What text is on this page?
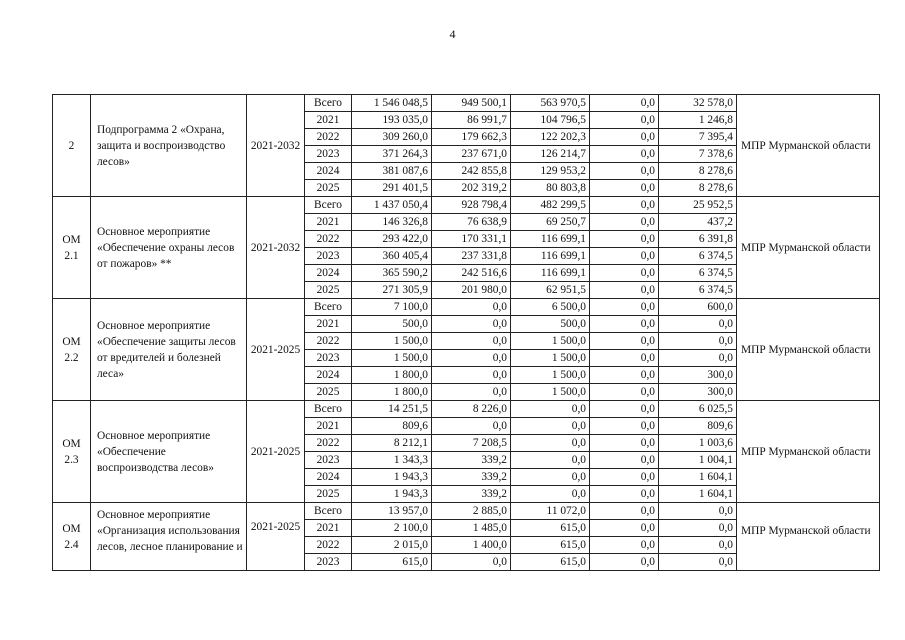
4
2	Подпрограмма 2 «Охрана, защита и воспроизводство лесов»	2021-2032	Всего	1 546 048,5	949 500,1	563 970,5	0,0	32 578,0	МПР Мурманской области
			2021	193 035,0	86 991,7	104 796,5	0,0	1 246,8	
			2022	309 260,0	179 662,3	122 202,3	0,0	7 395,4	
			2023	371 264,3	237 671,0	126 214,7	0,0	7 378,6	
			2024	381 087,6	242 855,8	129 953,2	0,0	8 278,6	
			2025	291 401,5	202 319,2	80 803,8	0,0	8 278,6	
ОМ 2.1	Основное мероприятие «Обеспечение охраны лесов от пожаров» **	2021-2032	Всего	1 437 050,4	928 798,4	482 299,5	0,0	25 952,5	МПР Мурманской области
			2021	146 326,8	76 638,9	69 250,7	0,0	437,2	
			2022	293 422,0	170 331,1	116 699,1	0,0	6 391,8	
			2023	360 405,4	237 331,8	116 699,1	0,0	6 374,5	
			2024	365 590,2	242 516,6	116 699,1	0,0	6 374,5	
			2025	271 305,9	201 980,0	62 951,5	0,0	6 374,5	
ОМ 2.2	Основное мероприятие «Обеспечение защиты лесов от вредителей и болезней леса»	2021-2025	Всего	7 100,0	0,0	6 500,0	0,0	600,0	МПР Мурманской области
			2021	500,0	0,0	500,0	0,0	0,0	
			2022	1 500,0	0,0	1 500,0	0,0	0,0	
			2023	1 500,0	0,0	1 500,0	0,0	0,0	
			2024	1 800,0	0,0	1 500,0	0,0	300,0	
			2025	1 800,0	0,0	1 500,0	0,0	300,0	
ОМ 2.3	Основное мероприятие «Обеспечение воспроизводства лесов»	2021-2025	Всего	14 251,5	8 226,0	0,0	0,0	6 025,5	МПР Мурманской области
			2021	809,6	0,0	0,0	0,0	809,6	
			2022	8 212,1	7 208,5	0,0	0,0	1 003,6	
			2023	1 343,3	339,2	0,0	0,0	1 004,1	
			2024	1 943,3	339,2	0,0	0,0	1 604,1	
			2025	1 943,3	339,2	0,0	0,0	1 604,1	
ОМ 2.4	Основное мероприятие «Организация использования лесов, лесное планирование и	2021-2025	Всего	13 957,0	2 885,0	11 072,0	0,0	0,0	МПР Мурманской области
			2021	2 100,0	1 485,0	615,0	0,0	0,0	
			2022	2 015,0	1 400,0	615,0	0,0	0,0	
			2023	615,0	0,0	615,0	0,0	0,0	
